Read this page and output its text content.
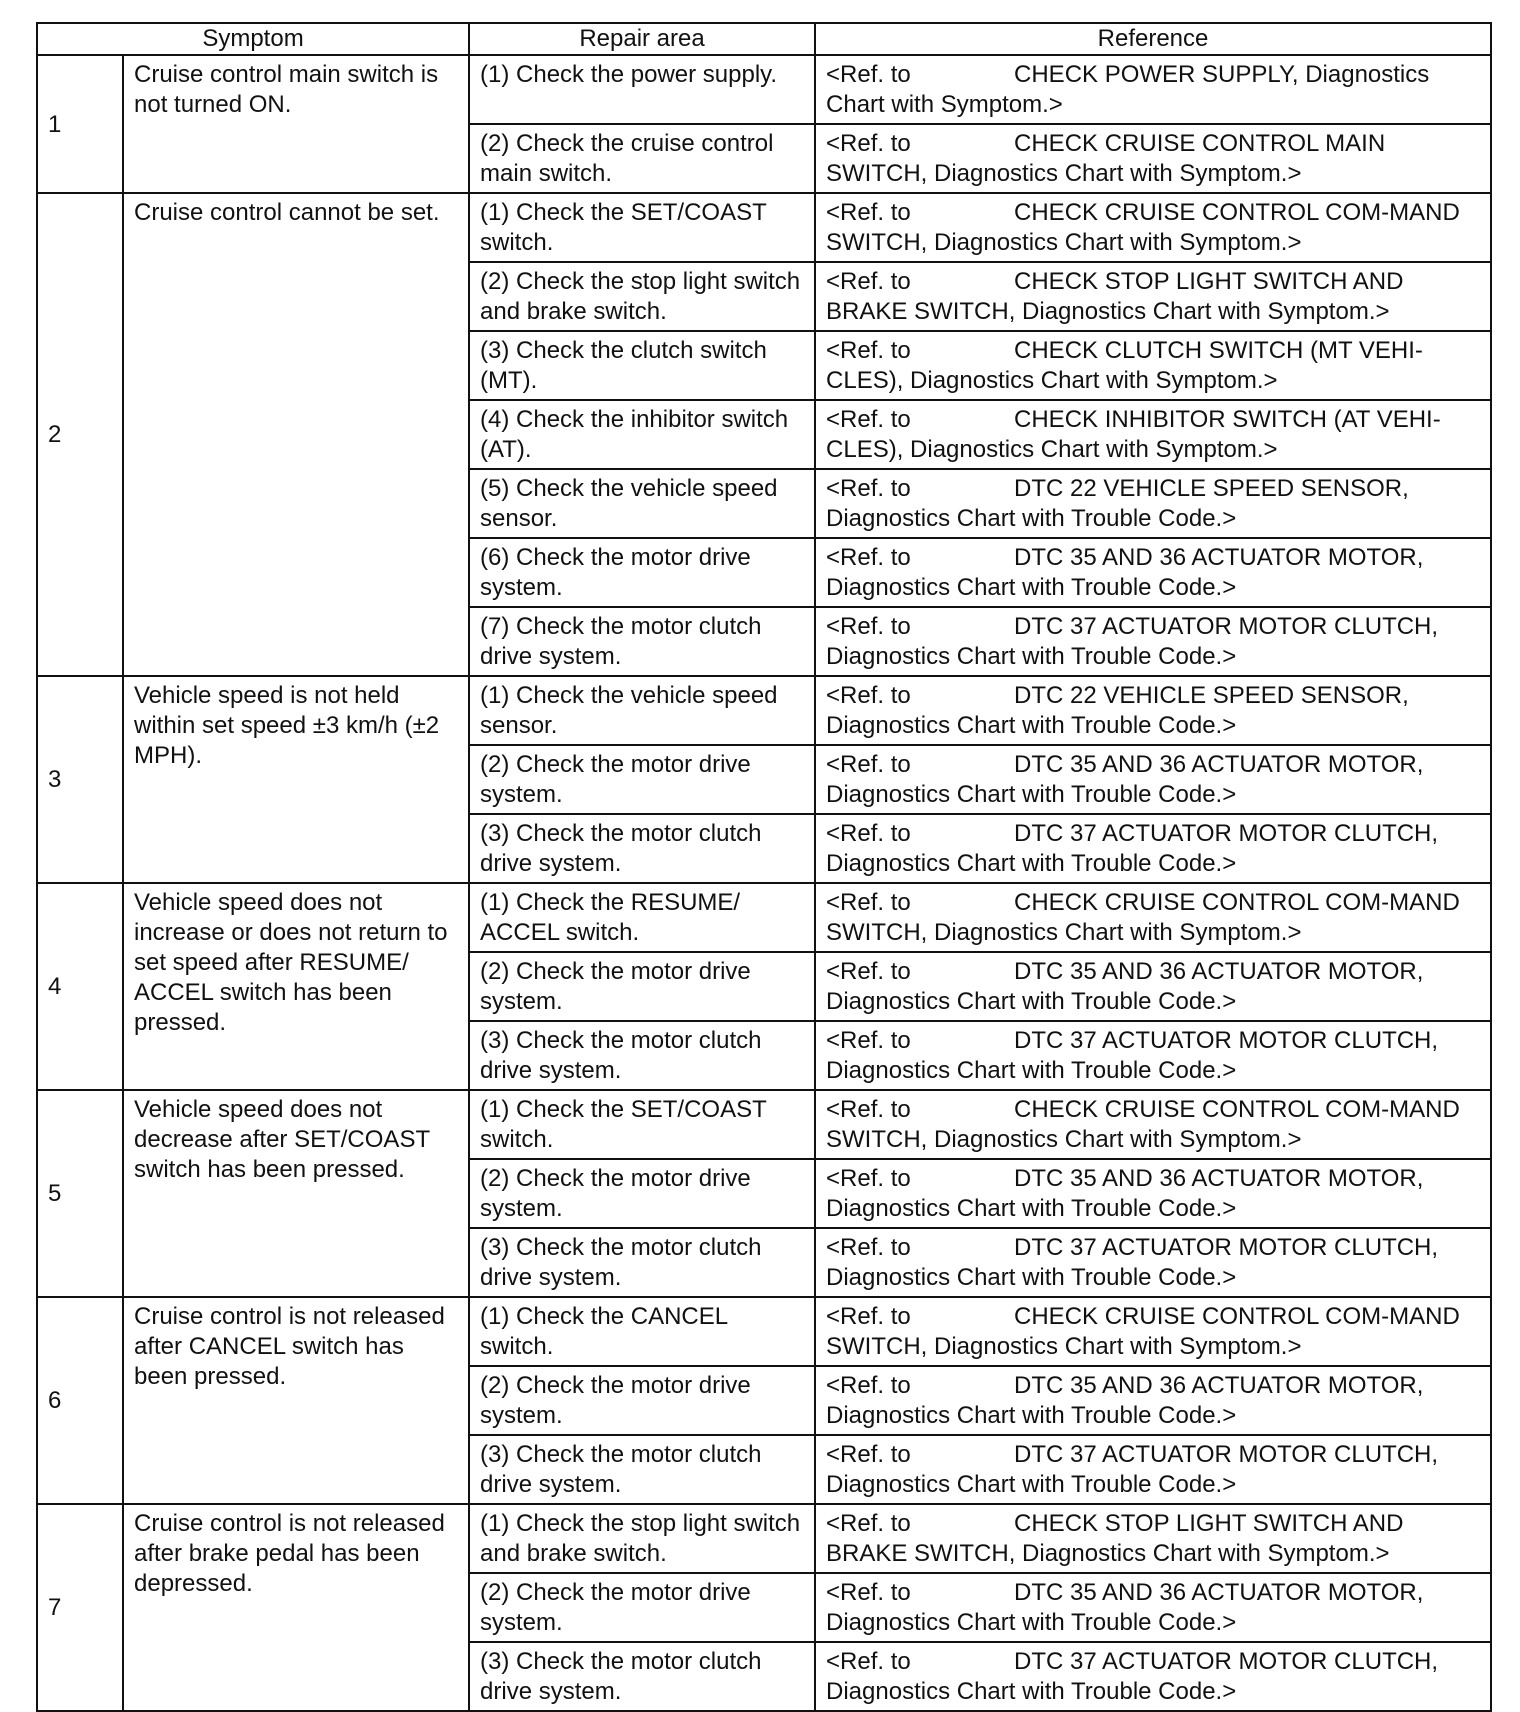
Symptom		Repair area	Reference
1	Cruise control main switch is not turned ON.	(1) Check the power supply.	<Ref. to CHECK POWER SUPPLY, Diagnostics Chart with Symptom.>
		(2) Check the cruise control main switch.	<Ref. to CHECK CRUISE CONTROL MAIN SWITCH, Diagnostics Chart with Symptom.>
2	Cruise control cannot be set.	(1) Check the SET/COAST switch.	<Ref. to CHECK CRUISE CONTROL COM-MAND SWITCH, Diagnostics Chart with Symptom.>
		(2) Check the stop light switch and brake switch.	<Ref. to CHECK STOP LIGHT SWITCH AND BRAKE SWITCH, Diagnostics Chart with Symptom.>
		(3) Check the clutch switch (MT).	<Ref. to CHECK CLUTCH SWITCH (MT VEHI-CLES), Diagnostics Chart with Symptom.>
		(4) Check the inhibitor switch (AT).	<Ref. to CHECK INHIBITOR SWITCH (AT VEHI-CLES), Diagnostics Chart with Symptom.>
		(5) Check the vehicle speed sensor.	<Ref. to DTC 22 VEHICLE SPEED SENSOR, Diagnostics Chart with Trouble Code.>
		(6) Check the motor drive system.	<Ref. to DTC 35 AND 36 ACTUATOR MOTOR, Diagnostics Chart with Trouble Code.>
		(7) Check the motor clutch drive system.	<Ref. to DTC 37 ACTUATOR MOTOR CLUTCH, Diagnostics Chart with Trouble Code.>
3	Vehicle speed is not held within set speed ±3 km/h (±2 MPH).	(1) Check the vehicle speed sensor.	<Ref. to DTC 22 VEHICLE SPEED SENSOR, Diagnostics Chart with Trouble Code.>
		(2) Check the motor drive system.	<Ref. to DTC 35 AND 36 ACTUATOR MOTOR, Diagnostics Chart with Trouble Code.>
		(3) Check the motor clutch drive system.	<Ref. to DTC 37 ACTUATOR MOTOR CLUTCH, Diagnostics Chart with Trouble Code.>
4	Vehicle speed does not increase or does not return to set speed after RESUME/ ACCEL switch has been pressed.	(1) Check the RESUME/ ACCEL switch.	<Ref. to CHECK CRUISE CONTROL COM-MAND SWITCH, Diagnostics Chart with Symptom.>
		(2) Check the motor drive system.	<Ref. to DTC 35 AND 36 ACTUATOR MOTOR, Diagnostics Chart with Trouble Code.>
		(3) Check the motor clutch drive system.	<Ref. to DTC 37 ACTUATOR MOTOR CLUTCH, Diagnostics Chart with Trouble Code.>
5	Vehicle speed does not decrease after SET/COAST switch has been pressed.	(1) Check the SET/COAST switch.	<Ref. to CHECK CRUISE CONTROL COM-MAND SWITCH, Diagnostics Chart with Symptom.>
		(2) Check the motor drive system.	<Ref. to DTC 35 AND 36 ACTUATOR MOTOR, Diagnostics Chart with Trouble Code.>
		(3) Check the motor clutch drive system.	<Ref. to DTC 37 ACTUATOR MOTOR CLUTCH, Diagnostics Chart with Trouble Code.>
6	Cruise control is not released after CANCEL switch has been pressed.	(1) Check the CANCEL switch.	<Ref. to CHECK CRUISE CONTROL COM-MAND SWITCH, Diagnostics Chart with Symptom.>
		(2) Check the motor drive system.	<Ref. to DTC 35 AND 36 ACTUATOR MOTOR, Diagnostics Chart with Trouble Code.>
		(3) Check the motor clutch drive system.	<Ref. to DTC 37 ACTUATOR MOTOR CLUTCH, Diagnostics Chart with Trouble Code.>
7	Cruise control is not released after brake pedal has been depressed.	(1) Check the stop light switch and brake switch.	<Ref. to CHECK STOP LIGHT SWITCH AND BRAKE SWITCH, Diagnostics Chart with Symptom.>
		(2) Check the motor drive system.	<Ref. to DTC 35 AND 36 ACTUATOR MOTOR, Diagnostics Chart with Trouble Code.>
		(3) Check the motor clutch drive system.	<Ref. to DTC 37 ACTUATOR MOTOR CLUTCH, Diagnostics Chart with Trouble Code.>
